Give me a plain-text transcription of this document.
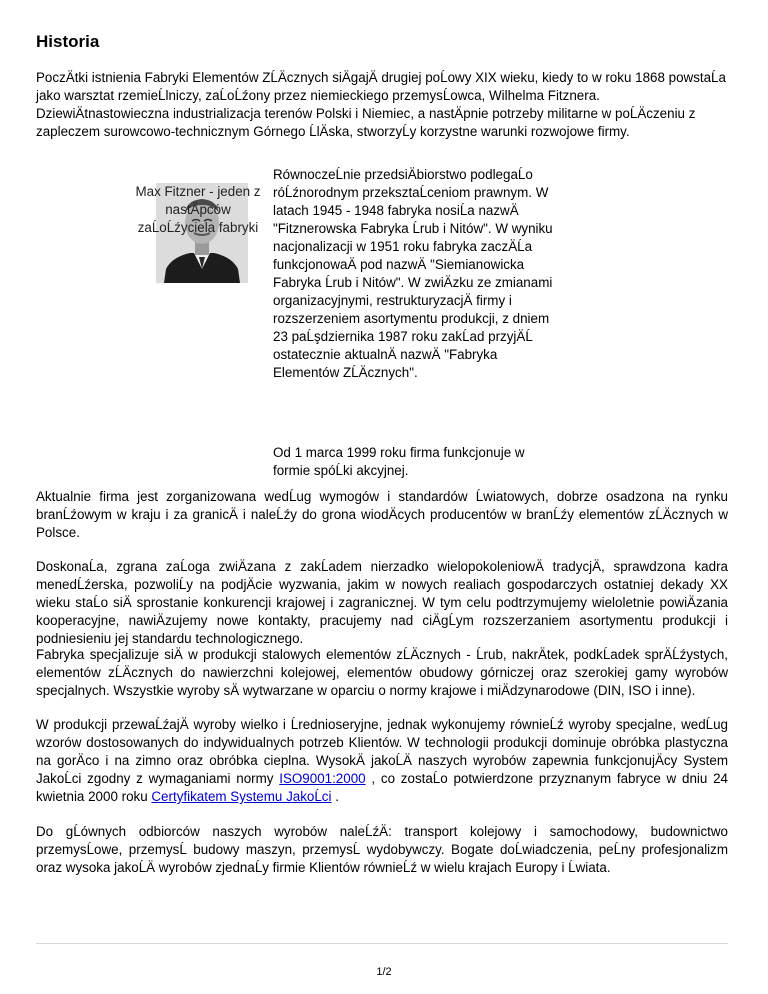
Historia

PoczÄtki istnienia Fabryki Elementów ZĹÄcznych siÄgajÄ drugiej poĹowy XIX wieku, kiedy to w roku 1868 powstaĹa jako warsztat rzemieĹlniczy, zaĹoĹźony przez niemieckiego przemysĹowca, Wilhelma Fitznera. DziewiÄtnastowieczna industrializacja terenów Polski i Niemiec, a nastÄpnie potrzeby militarne w poĹÄczeniu z zapleczem surowcowo-technicznym Górnego ĹlÄska, stworzyĹy korzystne warunki rozwojowe firmy.

Max Fitzner - jeden z nastÄpców zaĹoĹźyciela fabryki

RównoczeĹnie przedsiÄbiorstwo podlegaĹo róĹźnorodnym przeksztaĹceniom prawnym. W latach 1945 - 1948 fabryka nosiĹa nazwÄ "Fitznerowska Fabryka Ĺrub i Nitów". W wyniku nacjonalizacji w 1951 roku fabryka zaczÄĹa funkcjonowaÄ pod nazwÄ "Siemianowicka Fabryka Ĺrub i Nitów". W zwiÄzku ze zmianami organizacyjnymi, restrukturyzacjÄ firmy i rozszerzeniem asortymentu produkcji, z dniem 23 paĹşdziernika 1987 roku zakĹad przyjÄĹ ostatecznie aktualnÄ nazwÄ "Fabryka Elementów ZĹÄcznych".

Od 1 marca 1999 roku firma funkcjonuje w formie spóĹki akcyjnej.

Aktualnie firma jest zorganizowana wedĹug wymogów i standardów Ĺwiatowych, dobrze osadzona na rynku branĹźowym w kraju i za granicÄ i naleĹźy do grona wiodÄcych producentów w branĹźy elementów zĹÄcznych w Polsce.

DoskonaĹa, zgrana zaĹoga zwiÄzana z zakĹadem nierzadko wielopokoleniowÄ tradycjÄ, sprawdzona kadra menedĹźerska, pozwoliĹy na podjÄcie wyzwania, jakim w nowych realiach gospodarczych ostatniej dekady XX wieku staĹo siÄ sprostanie konkurencji krajowej i zagranicznej. W tym celu podtrzymujemy wieloletnie powiÄzania kooperacyjne, nawiÄzujemy nowe kontakty, pracujemy nad ciÄgĹym rozszerzaniem asortymentu produkcji i podniesieniu jej standardu technologicznego.

Fabryka specjalizuje siÄ w produkcji stalowych elementów zĹÄcznych - Ĺrub, nakrÄtek, podkĹadek sprÄĹźystych, elementów zĹÄcznych do nawierzchni kolejowej, elementów obudowy górniczej oraz szerokiej gamy wyrobów specjalnych. Wszystkie wyroby sÄ wytwarzane w oparciu o normy krajowe i miÄdzynarodowe (DIN, ISO i inne).

W produkcji przewaĹźajÄ wyroby wielko i Ĺrednioseryjne, jednak wykonujemy równieĹź wyroby specjalne, wedĹug wzorów dostosowanych do indywidualnych potrzeb Klientów. W technologii produkcji dominuje obróbka plastyczna na gorÄco i na zimno oraz obróbka cieplna. WysokÄ jakoĹÄ naszych wyrobów zapewnia funkcjonujÄcy System JakoĹci zgodny z wymaganiami normy ISO9001:2000 , co zostaĹo potwierdzone przyznanym fabryce w dniu 24 kwietnia 2000 roku Certyfikatem Systemu JakoĹci .

Do gĹównych odbiorców naszych wyrobów naleĹźÄ: transport kolejowy i samochodowy, budownictwo przemysĹowe, przemysĹ budowy maszyn, przemysĹ wydobywczy. Bogate doĹwiadczenia, peĹny profesjonalizm oraz wysoka jakoĹÄ wyrobów zjednaĹy firmie Klientów równieĹź w wielu krajach Europy i Ĺwiata.

1/2
